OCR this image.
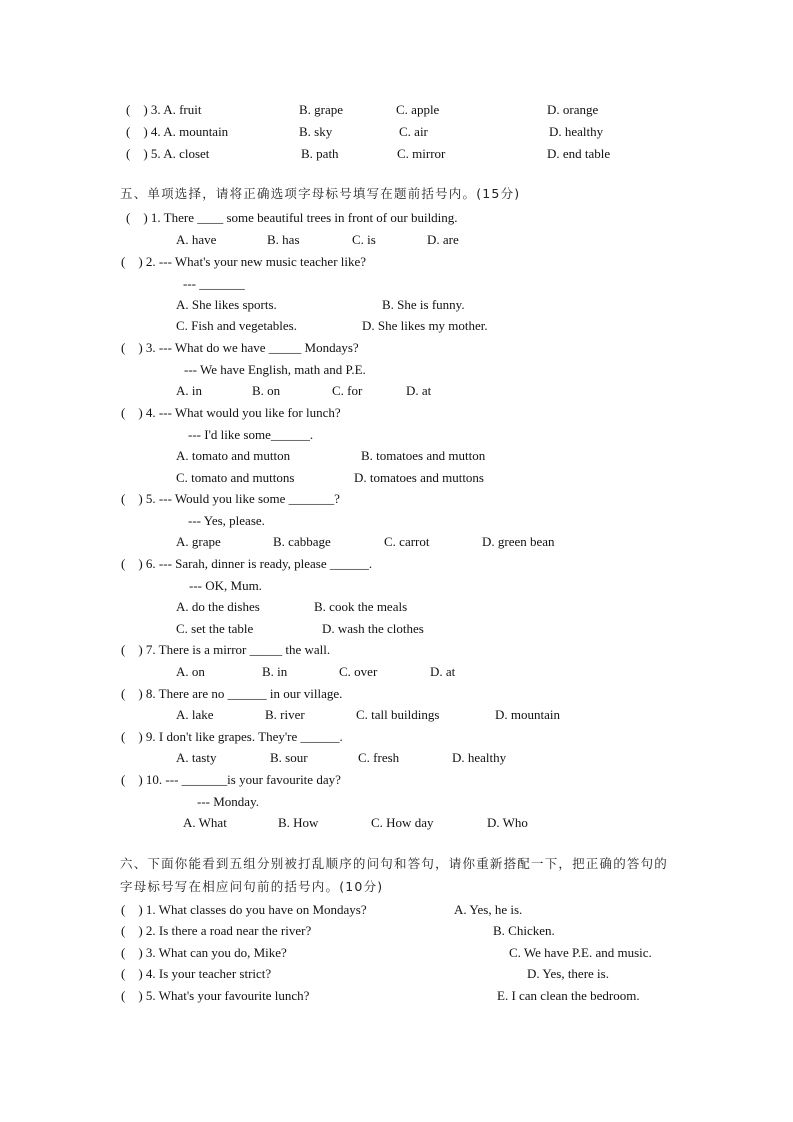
(    ) 3. A. fruit	B. grape	C. apple	D. orange
(    ) 4. A. mountain	B. sky	C. air	D. healthy
(    ) 5. A. closet	B. path	C. mirror	D. end table
五、单项选择，请将正确选项字母标号填写在题前括号内。(15分)
(    ) 1. There ____ some beautiful trees in front of our building.
A. have	B. has	C. is	D. are
(    ) 2. --- What's your new music teacher like?
--- _______
A. She likes sports.	B. She is funny.
C. Fish and vegetables.	D. She likes my mother.
(    ) 3. --- What do we have _____ Mondays?
--- We have English, math and P.E.
A. in	B. on	C. for	D. at
(    ) 4. --- What would you like for lunch?
--- I'd like some______.
A. tomato and mutton	B. tomatoes and mutton
C. tomato and muttons	D. tomatoes and muttons
(    ) 5. --- Would you like some _______?
--- Yes, please.
A. grape	B. cabbage	C. carrot	D. green bean
(    ) 6. --- Sarah, dinner is ready, please ______.
--- OK, Mum.
A. do the dishes	B. cook the meals
C. set the table	D. wash the clothes
(    ) 7. There is a mirror _____ the wall.
A. on	B. in	C. over	D. at
(    ) 8. There are no ______ in our village.
A. lake	B. river	C. tall buildings	D. mountain
(    ) 9. I don't like grapes. They're ______.
A. tasty	B. sour	C. fresh	D. healthy
(    ) 10. --- _______is your favourite day?
--- Monday.
A. What	B. How	C. How day	D. Who
六、下面你能看到五组分别被打乱顺序的问句和答句，请你重新搭配一下，把正确的答句的
字母标号写在相应问句前的括号内。(10分)
(    ) 1. What classes do you have on Mondays?	A. Yes, he is.
(    ) 2. Is there a road near the river?	B. Chicken.
(    ) 3. What can you do, Mike?	C. We have P.E. and music.
(    ) 4. Is your teacher strict?	D. Yes, there is.
(    ) 5. What's your favourite lunch?	E. I can clean the bedroom.
